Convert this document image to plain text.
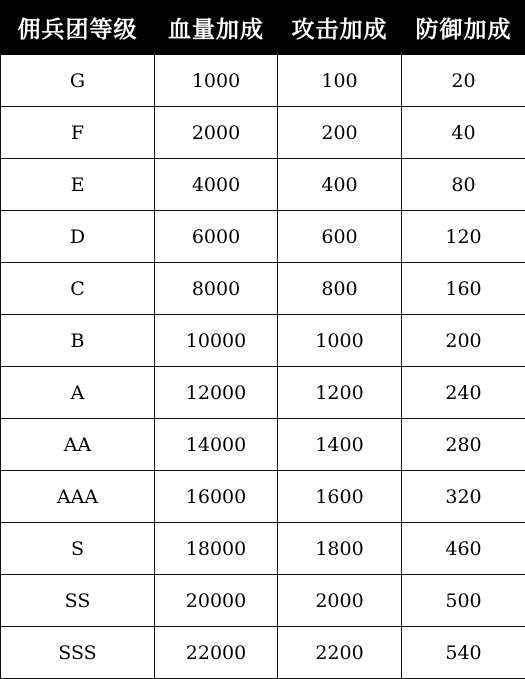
佣兵团等级	血量加成	攻击加成	防御加成
G	1000	100	20
F	2000	200	40
E	4000	400	80
D	6000	600	120
C	8000	800	160
B	10000	1000	200
A	12000	1200	240
AA	14000	1400	280
AAA	16000	1600	320
S	18000	1800	460
SS	20000	2000	500
SSS	22000	2200	540
